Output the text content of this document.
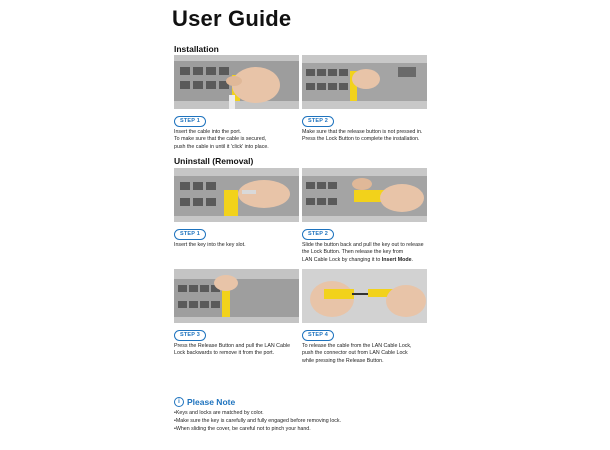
User Guide
Installation
STEP 1
Insert the cable into the port.
To make sure that the cable is secured,
push the cable in until it 'click' into place.
STEP 2
Make sure that the release button is not pressed in.
Press the Lock Button to complete the installation.
Uninstall (Removal)
STEP 1
Insert the key into the key slot.
STEP 2
Slide the button back and pull the key out to release
the Lock Button. Then release the key from
LAN Cable Lock by changing it to Insert Mode.
STEP 3
Press the Release Button and pull the LAN Cable
Lock backwards to remove it from the port.
STEP 4
To release the cable from the LAN Cable Lock,
push the connector out from LAN Cable Lock
while pressing the Release Button.
i Please Note
• Keys and locks are matched by color.
• Make sure the key is carefully and fully engaged before removing lock.
• When sliding the cover, be careful not to pinch your hand.
